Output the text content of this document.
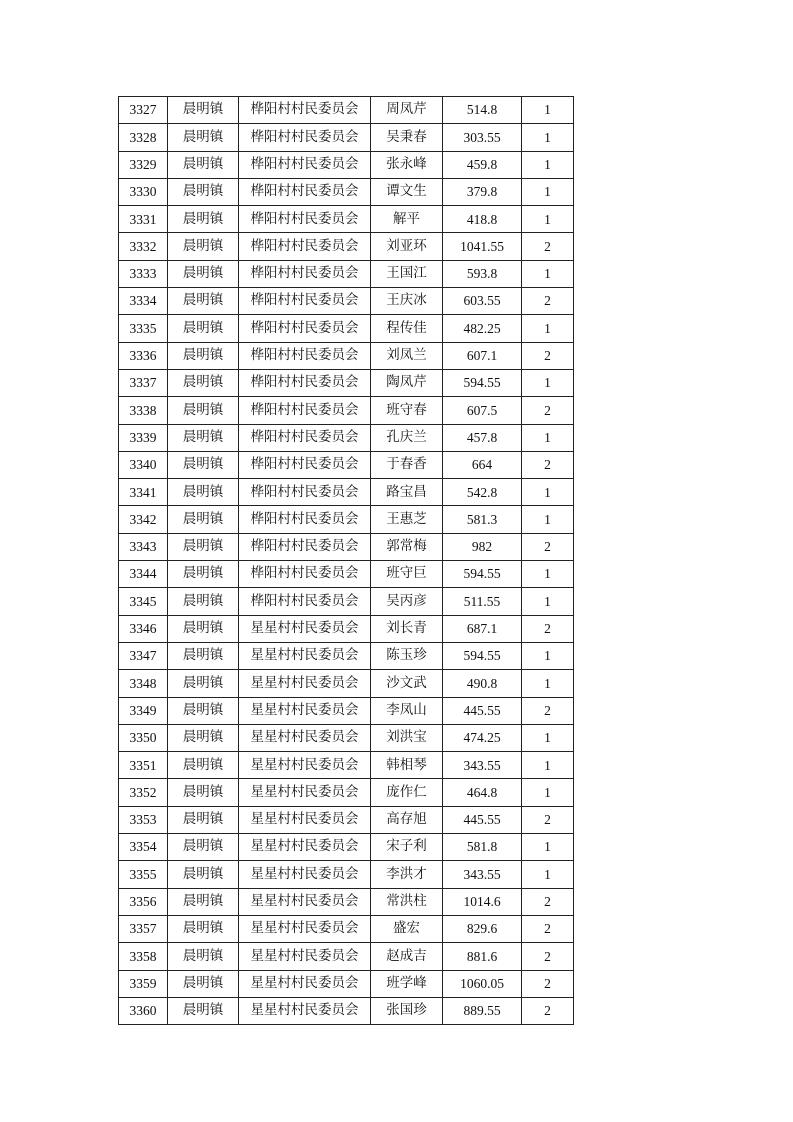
3327	晨明镇	桦阳村村民委员会	周凤芹	514.8	1
3328	晨明镇	桦阳村村民委员会	吴秉春	303.55	1
3329	晨明镇	桦阳村村民委员会	张永峰	459.8	1
3330	晨明镇	桦阳村村民委员会	谭文生	379.8	1
3331	晨明镇	桦阳村村民委员会	解平	418.8	1
3332	晨明镇	桦阳村村民委员会	刘亚环	1041.55	2
3333	晨明镇	桦阳村村民委员会	王国江	593.8	1
3334	晨明镇	桦阳村村民委员会	王庆冰	603.55	2
3335	晨明镇	桦阳村村民委员会	程传佳	482.25	1
3336	晨明镇	桦阳村村民委员会	刘凤兰	607.1	2
3337	晨明镇	桦阳村村民委员会	陶凤芹	594.55	1
3338	晨明镇	桦阳村村民委员会	班守春	607.5	2
3339	晨明镇	桦阳村村民委员会	孔庆兰	457.8	1
3340	晨明镇	桦阳村村民委员会	于春香	664	2
3341	晨明镇	桦阳村村民委员会	路宝昌	542.8	1
3342	晨明镇	桦阳村村民委员会	王惠芝	581.3	1
3343	晨明镇	桦阳村村民委员会	郭常梅	982	2
3344	晨明镇	桦阳村村民委员会	班守巨	594.55	1
3345	晨明镇	桦阳村村民委员会	吴丙彦	511.55	1
3346	晨明镇	星星村村民委员会	刘长青	687.1	2
3347	晨明镇	星星村村民委员会	陈玉珍	594.55	1
3348	晨明镇	星星村村民委员会	沙文武	490.8	1
3349	晨明镇	星星村村民委员会	李凤山	445.55	2
3350	晨明镇	星星村村民委员会	刘洪宝	474.25	1
3351	晨明镇	星星村村民委员会	韩相琴	343.55	1
3352	晨明镇	星星村村民委员会	庞作仁	464.8	1
3353	晨明镇	星星村村民委员会	高存旭	445.55	2
3354	晨明镇	星星村村民委员会	宋子利	581.8	1
3355	晨明镇	星星村村民委员会	李洪才	343.55	1
3356	晨明镇	星星村村民委员会	常洪柱	1014.6	2
3357	晨明镇	星星村村民委员会	盛宏	829.6	2
3358	晨明镇	星星村村民委员会	赵成吉	881.6	2
3359	晨明镇	星星村村民委员会	班学峰	1060.05	2
3360	晨明镇	星星村村民委员会	张国珍	889.55	2
